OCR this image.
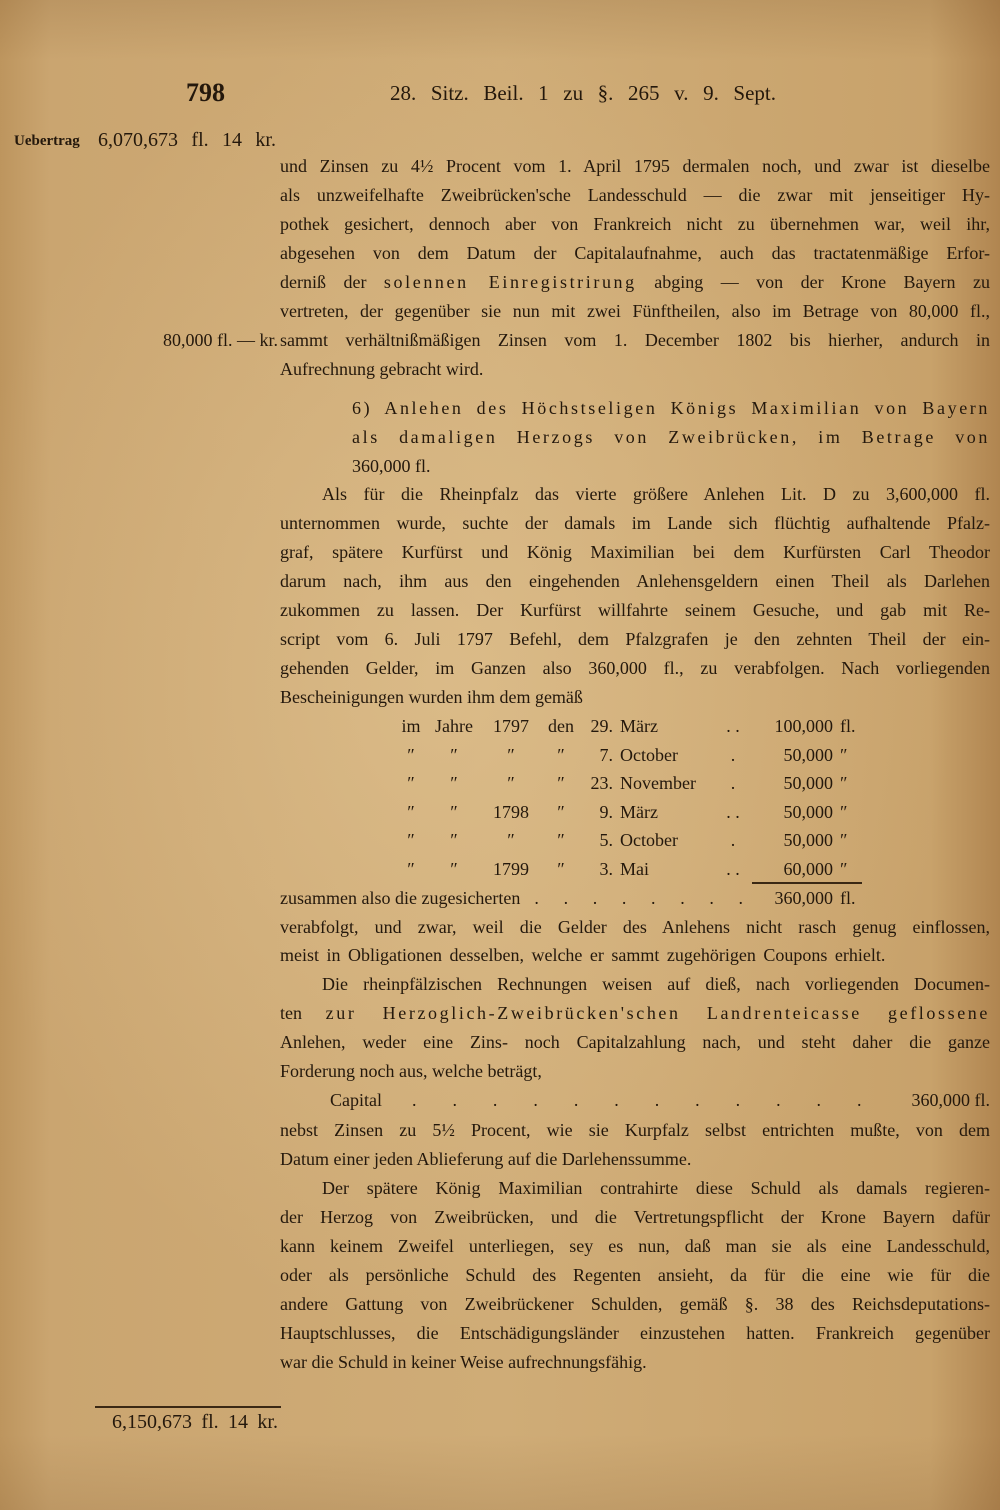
798	28. Sitz. Beil. 1 zu §. 265 v. 9. Sept.
Uebertrag 6,070,673 fl. 14 kr.
80,000 fl. — kr.
und Zinsen zu 4½ Procent vom 1. April 1795 dermalen noch, und zwar ist dieselbe
als unzweifelhafte Zweibrücken'sche Landesschuld — die zwar mit jenseitiger Hy-
pothek gesichert, dennoch aber von Frankreich nicht zu übernehmen war, weil ihr,
abgesehen von dem Datum der Capitalaufnahme, auch das tractatenmäßige Erfor-
derniß der solennen Einregistrirung abging — von der Krone Bayern zu
vertreten, der gegenüber sie nun mit zwei Fünftheilen, also im Betrage von 80,000 fl.,
sammt verhältnißmäßigen Zinsen vom 1. December 1802 bis hierher, andurch in
Aufrechnung gebracht wird.
6) Anlehen des Höchstseligen Königs Maximilian von Bayern
als damaligen Herzogs von Zweibrücken, im Betrage von
360,000 fl.
Als für die Rheinpfalz das vierte größere Anlehen Lit. D zu 3,600,000 fl.
unternommen wurde, suchte der damals im Lande sich flüchtig aufhaltende Pfalz-
graf, spätere Kurfürst und König Maximilian bei dem Kurfürsten Carl Theodor
darum nach, ihm aus den eingehenden Anlehensgeldern einen Theil als Darlehen
zukommen zu lassen. Der Kurfürst willfahrte seinem Gesuche, und gab mit Re-
script vom 6. Juli 1797 Befehl, dem Pfalzgrafen je den zehnten Theil der ein-
gehenden Gelder, im Ganzen also 360,000 fl., zu verabfolgen. Nach vorliegenden
Bescheinigungen wurden ihm dem gemäß
im Jahre	1797	den 29. März	. .	100,000 fl.
″	″	″	″	7. October	.	50,000 ″
″	″	″	″	23. November	.	50,000 ″
″	″	1798	″	9. März	. .	50,000 ″
″	″	″	″	5. October	.	50,000 ″
″	″	1799	″	3. Mai	. .	60,000 ″
zusammen also die zugesicherten . . . . . . . .	360,000 fl.
verabfolgt, und zwar, weil die Gelder des Anlehens nicht rasch genug einflossen,
meist in Obligationen desselben, welche er sammt zugehörigen Coupons erhielt.
Die rheinpfälzischen Rechnungen weisen auf dieß, nach vorliegenden Documen-
ten zur Herzoglich-Zweibrücken'schen Landrenteicasse geflossene
Anlehen, weder eine Zins- noch Capitalzahlung nach, und steht daher die ganze
Forderung noch aus, welche beträgt,
Capital . . . . . . . . . . . .	360,000 fl.
nebst Zinsen zu 5½ Procent, wie sie Kurpfalz selbst entrichten mußte, von dem
Datum einer jeden Ablieferung auf die Darlehenssumme.
Der spätere König Maximilian contrahirte diese Schuld als damals regieren-
der Herzog von Zweibrücken, und die Vertretungspflicht der Krone Bayern dafür
kann keinem Zweifel unterliegen, sey es nun, daß man sie als eine Landesschuld,
oder als persönliche Schuld des Regenten ansieht, da für die eine wie für die
andere Gattung von Zweibrückener Schulden, gemäß §. 38 des Reichsdeputations-
Hauptschlusses, die Entschädigungsländer einzustehen hatten. Frankreich gegenüber
war die Schuld in keiner Weise aufrechnungsfähig.
6,150,673 fl. 14 kr.
